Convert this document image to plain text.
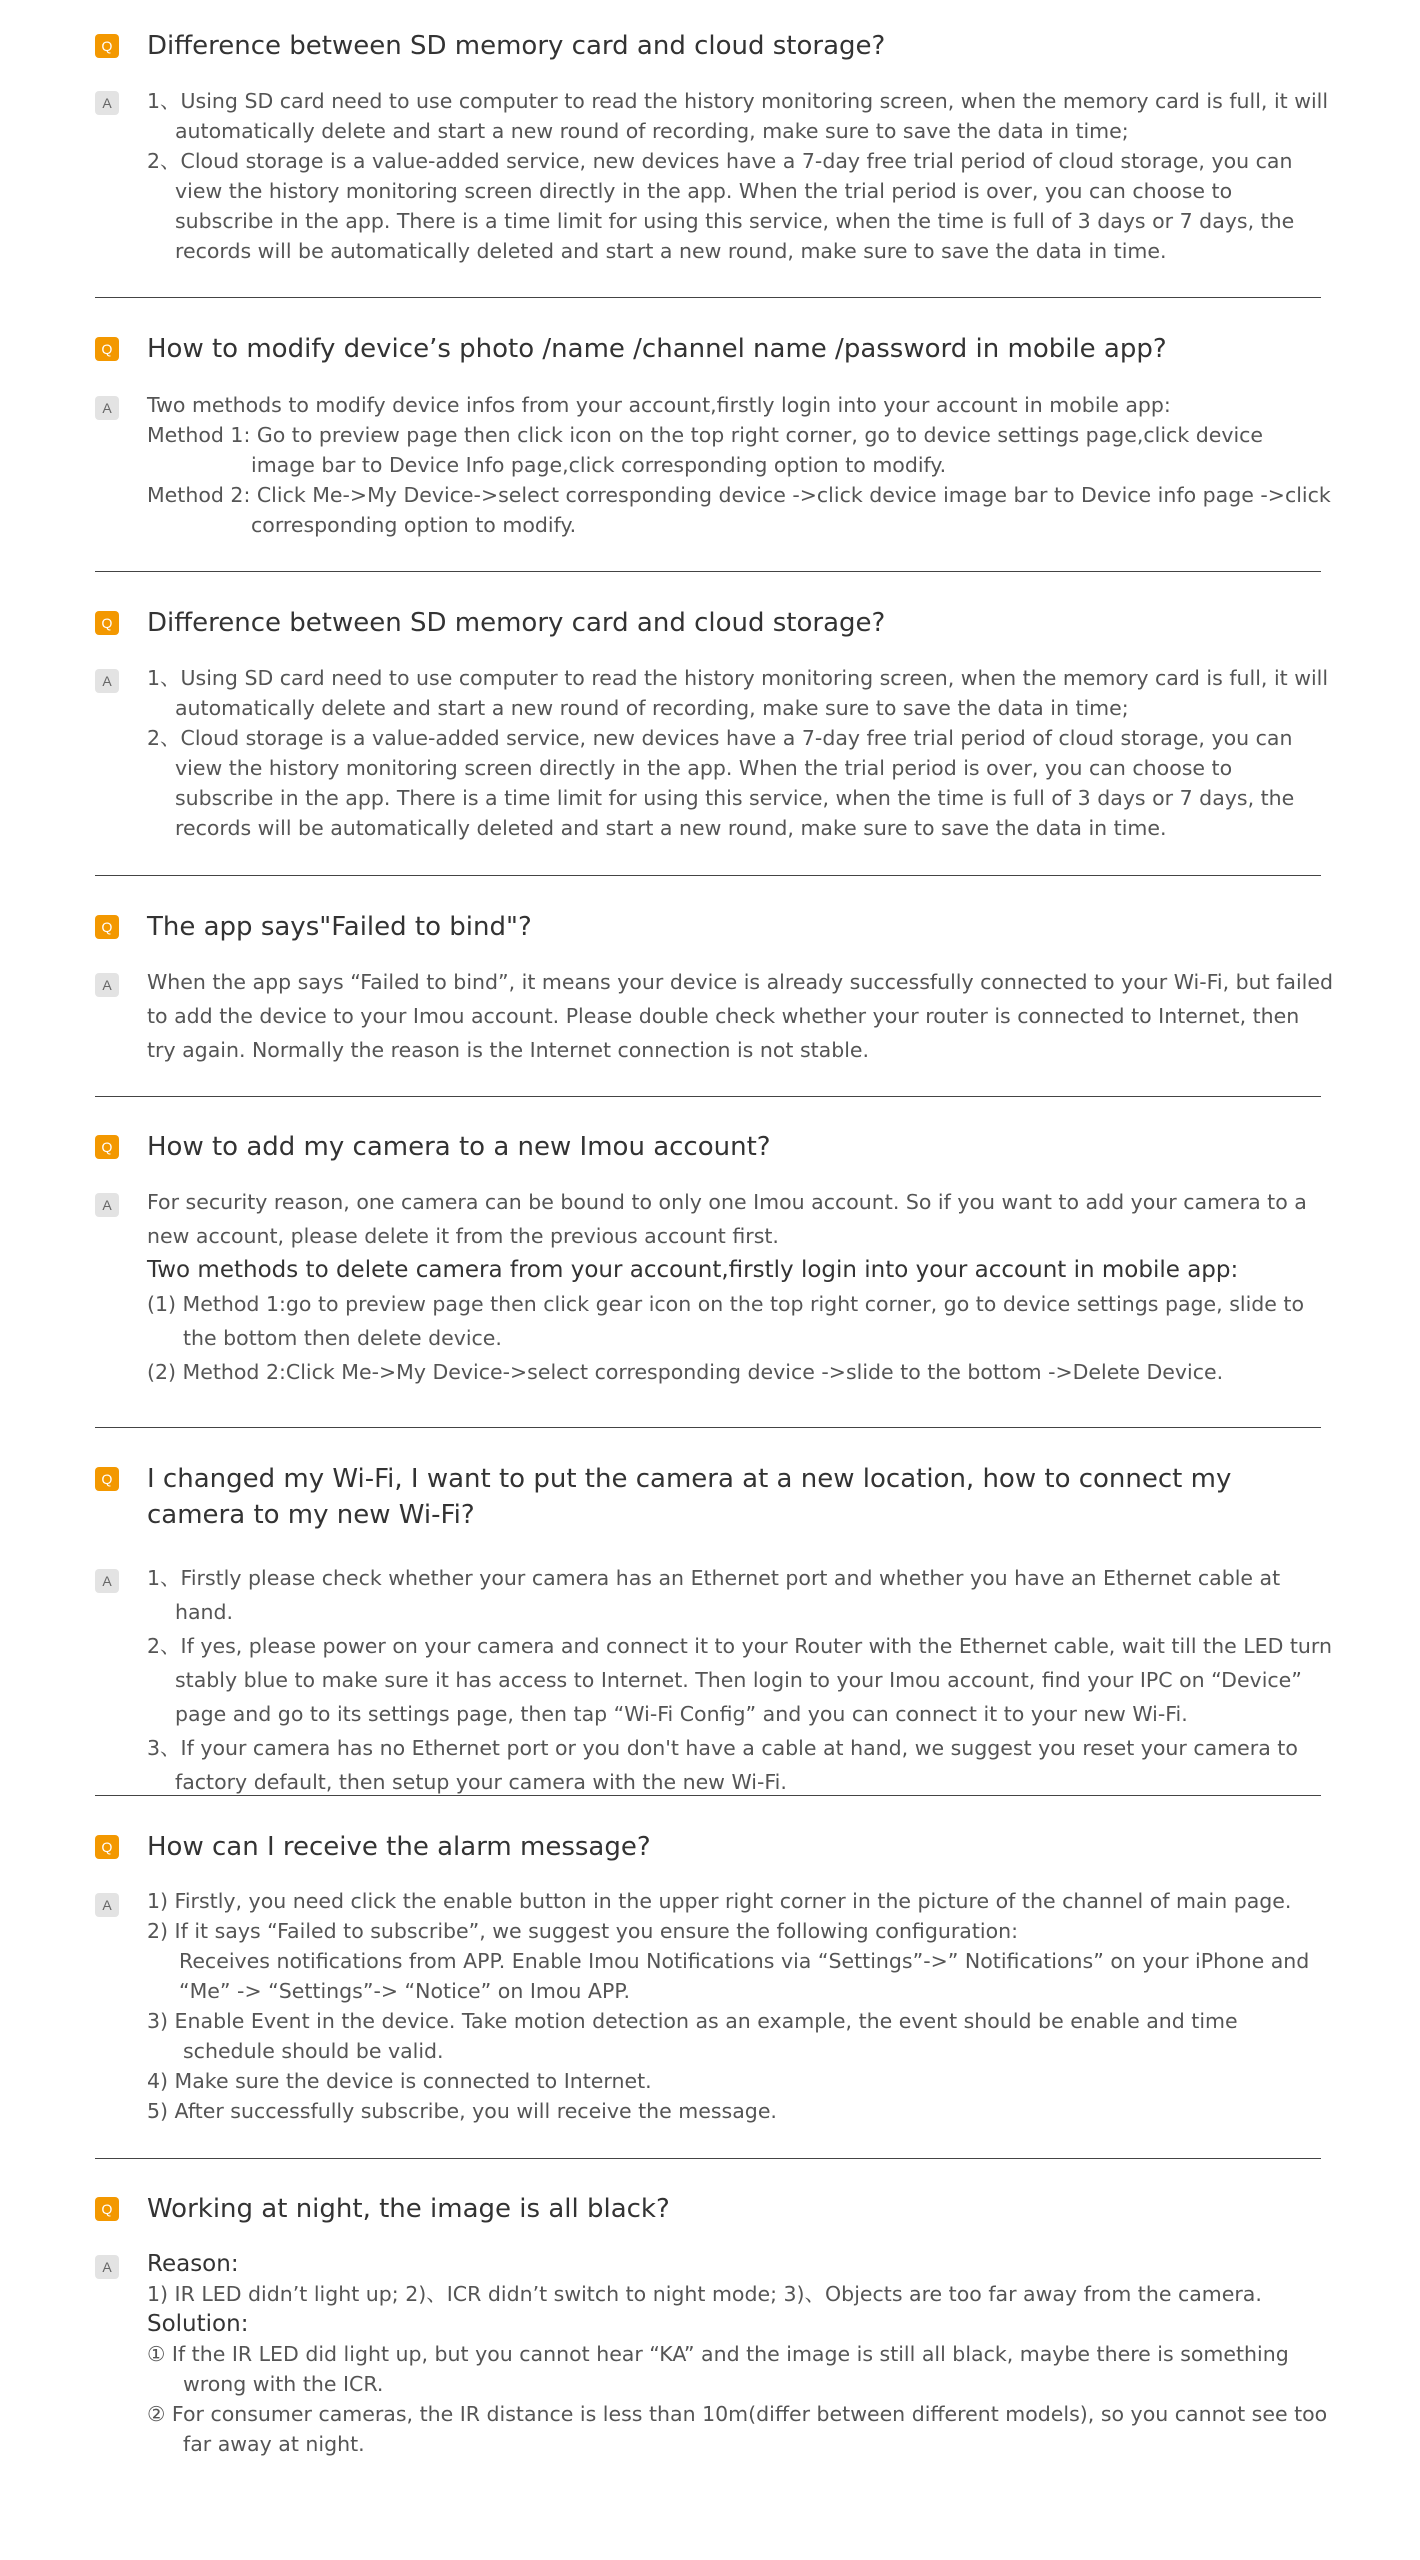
Q Difference between SD memory card and cloud storage?
A	1、Using SD card need to use computer to read the history monitoring screen, when the memory card is full, it will automatically delete and start a new round of recording, make sure to save the data in time;

2、Cloud storage is a value-added service, new devices have a 7-day free trial period of cloud storage, you can view the history monitoring screen directly in the app. When the trial period is over, you can choose to subscribe in the app. There is a time limit for using this service, when the time is full of 3 days or 7 days, the records will be automatically deleted and start a new round, make sure to save the data in time.

Q How to modify device’s photo /name /channel name /password in mobile app?
A	Two methods to modify device infos from your account,firstly login into your account in mobile app:

Method 1: Go to preview page then click icon on the top right corner, go to device settings page,click device image bar to Device Info page,click corresponding option to modify.

Method 2: Click Me->My Device->select corresponding device ->click device image bar to Device info page ->click corresponding option to modify.

Q Difference between SD memory card and cloud storage?
A	1、Using SD card need to use computer to read the history monitoring screen, when the memory card is full, it will automatically delete and start a new round of recording, make sure to save the data in time;

2、Cloud storage is a value-added service, new devices have a 7-day free trial period of cloud storage, you can view the history monitoring screen directly in the app. When the trial period is over, you can choose to subscribe in the app. There is a time limit for using this service, when the time is full of 3 days or 7 days, the records will be automatically deleted and start a new round, make sure to save the data in time.

Q The app says"Failed to bind"?
A	When the app says “Failed to bind”, it means your device is already successfully connected to your Wi-Fi, but failed to add the device to your Imou account. Please double check whether your router is connected to Internet, then try again. Normally the reason is the Internet connection is not stable.

Q How to add my camera to a new Imou account?
A	For security reason, one camera can be bound to only one Imou account. So if you want to add your camera to a new account, please delete it from the previous account first.

Two methods to delete camera from your account,firstly login into your account in mobile app:

(1) Method 1:go to preview page then click gear icon on the top right corner, go to device settings page, slide to the bottom then delete device.

(2) Method 2:Click Me->My Device->select corresponding device ->slide to the bottom ->Delete Device.

Q I changed my Wi-Fi, I want to put the camera at a new location, how to connect my camera to my new Wi-Fi?
A	1、Firstly please check whether your camera has an Ethernet port and whether you have an Ethernet cable at hand.

2、If yes, please power on your camera and connect it to your Router with the Ethernet cable, wait till the LED turn stably blue to make sure it has access to Internet. Then login to your Imou account, find your IPC on “Device” page and go to its settings page, then tap “Wi-Fi Config” and you can connect it to your new Wi-Fi.

3、If your camera has no Ethernet port or you don't have a cable at hand, we suggest you reset your camera to factory default, then setup your camera with the new Wi-Fi.

Q How can I receive the alarm message?
A	1) Firstly, you need click the enable button in the upper right corner in the picture of the channel of main page.

2) If it says “Failed to subscribe”, we suggest you ensure the following configuration:

Receives notifications from APP. Enable Imou Notifications via “Settings”->” Notifications” on your iPhone and “Me” -> “Settings”-> “Notice” on Imou APP.

3) Enable Event in the device. Take motion detection as an example, the event should be enable and time schedule should be valid.

4) Make sure the device is connected to Internet.

5) After successfully subscribe, you will receive the message.

Q Working at night, the image is all black?
A	Reason:

1) IR LED didn’t light up; 2)、ICR didn’t switch to night mode; 3)、Objects are too far away from the camera.

Solution:

① If the IR LED did light up, but you cannot hear “KA” and the image is still all black, maybe there is something wrong with the ICR.

② For consumer cameras, the IR distance is less than 10m(differ between different models), so you cannot see too far away at night.
